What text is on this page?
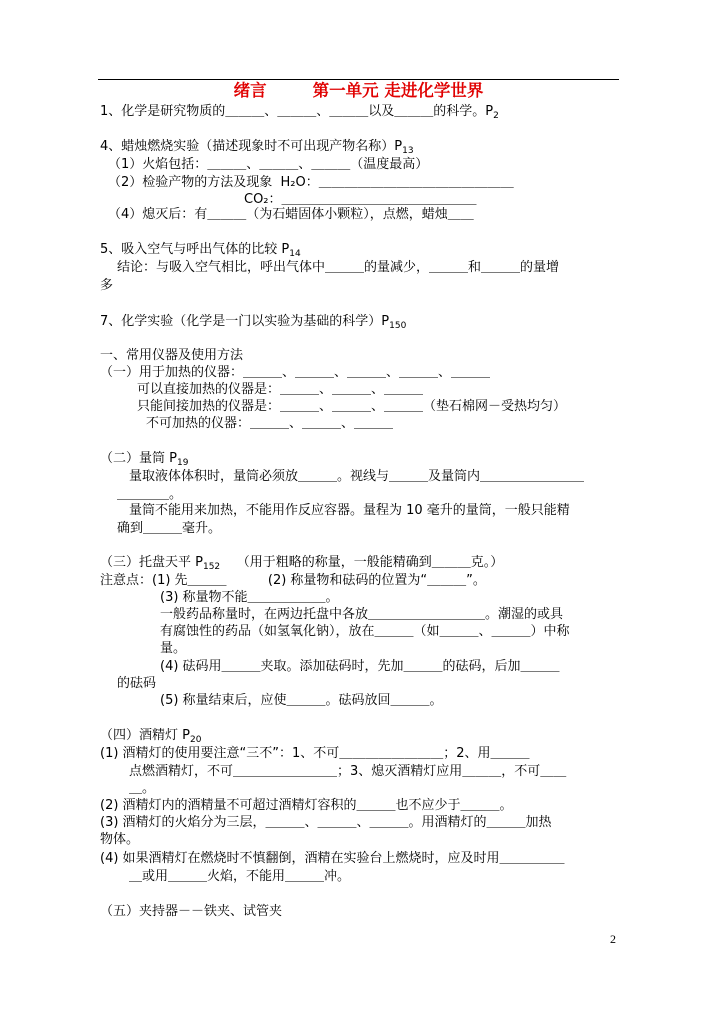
绪言	第一单元 走进化学世界
1、化学是研究物质的＿＿＿、＿＿＿、＿＿＿以及＿＿＿的科学。$P_2$
4、蜡烛燃烧实验（描述现象时不可出现产物名称）$P_{13}$
（1）火焰包括：＿＿＿、＿＿＿、＿＿＿（温度最高）
（2）检验产物的方法及现象  H₂O：＿＿＿＿＿＿＿＿＿＿＿＿＿＿＿
CO₂：＿＿＿＿＿＿＿＿＿＿＿＿＿＿＿
（4）熄灭后：有＿＿＿（为石蜡固体小颗粒），点燃，蜡烛＿＿
5、吸入空气与呼出气体的比较 $P_{14}$
结论：与吸入空气相比，呼出气体中＿＿＿的量减少，＿＿＿和＿＿＿的量增
多
7、化学实验（化学是一门以实验为基础的科学）$P_{150}$
一、常用仪器及使用方法
（一）用于加热的仪器：＿＿＿、＿＿＿、＿＿＿、＿＿＿、＿＿＿
可以直接加热的仪器是：＿＿＿、＿＿＿、＿＿＿
只能间接加热的仪器是：＿＿＿、＿＿＿、＿＿＿（垫石棉网－受热均匀）
不可加热的仪器：＿＿＿、＿＿＿、＿＿＿
（二）量筒 $P_{19}$
量取液体体积时，量筒必须放＿＿＿。视线与＿＿＿及量筒内＿＿＿＿＿＿＿＿
＿＿＿＿。
量筒不能用来加热，不能用作反应容器。量程为 10 毫升的量筒，一般只能精
确到＿＿＿毫升。
（三）托盘天平 $P_{152}$    （用于粗略的称量，一般能精确到＿＿＿克。）
注意点：(1) 先＿＿＿          (2) 称量物和砝码的位置为“＿＿＿”。
(3) 称量物不能＿＿＿＿＿＿。
一般药品称量时，在两边托盘中各放＿＿＿＿＿＿＿＿＿。潮湿的或具
有腐蚀性的药品（如氢氧化钠），放在＿＿＿（如＿＿＿、＿＿＿）中称
量。
(4) 砝码用＿＿＿夹取。添加砝码时，先加＿＿＿的砝码，后加＿＿＿
的砝码
(5) 称量结束后，应使＿＿＿。砝码放回＿＿＿。
（四）酒精灯 $P_{20}$
(1) 酒精灯的使用要注意“三不”：1、不可＿＿＿＿＿＿＿＿；2、用＿＿＿
点燃酒精灯，不可＿＿＿＿＿＿＿＿；3、熄灭酒精灯应用＿＿＿，不可＿＿
＿。
(2) 酒精灯内的酒精量不可超过酒精灯容积的＿＿＿也不应少于＿＿＿。
(3) 酒精灯的火焰分为三层，＿＿＿、＿＿＿、＿＿＿。用酒精灯的＿＿＿加热
物体。
(4) 如果酒精灯在燃烧时不慎翻倒，酒精在实验台上燃烧时，应及时用＿＿＿＿＿
＿或用＿＿＿火焰，不能用＿＿＿冲。
（五）夹持器－－铁夹、试管夹
2
